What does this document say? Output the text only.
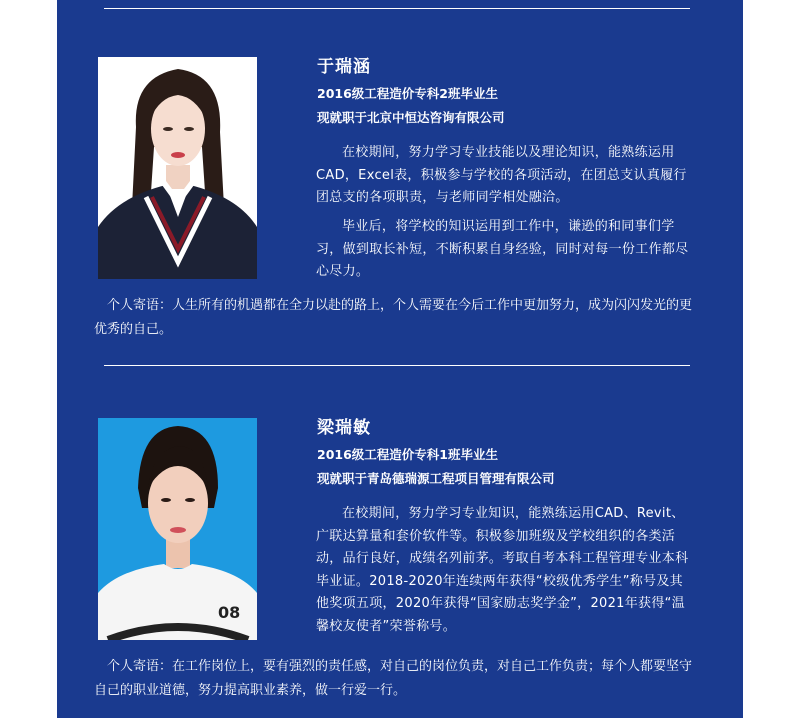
于瑞涵
2016级工程造价专科2班毕业生
现就职于北京中恒达咨询有限公司

在校期间，努力学习专业技能以及理论知识，能熟练运用CAD，Excel表，积极参与学校的各项活动，在团总支认真履行团总支的各项职责，与老师同学相处融洽。

毕业后，将学校的知识运用到工作中，谦逊的和同事们学习，做到取长补短，不断积累自身经验，同时对每一份工作都尽心尽力。

个人寄语：人生所有的机遇都在全力以赴的路上，个人需要在今后工作中更加努力，成为闪闪发光的更优秀的自己。

08
梁瑞敏
2016级工程造价专科1班毕业生
现就职于青岛德瑞源工程项目管理有限公司

在校期间，努力学习专业知识，能熟练运用CAD、Revit、广联达算量和套价软件等。积极参加班级及学校组织的各类活动，品行良好，成绩名列前茅。考取自考本科工程管理专业本科毕业证。2018-2020年连续两年获得“校级优秀学生”称号及其他奖项五项，2020年获得“国家励志奖学金”，2021年获得“温馨校友使者”荣誉称号。

个人寄语：在工作岗位上，要有强烈的责任感，对自己的岗位负责，对自己工作负责；每个人都要坚守自己的职业道德，努力提高职业素养，做一行爱一行。
